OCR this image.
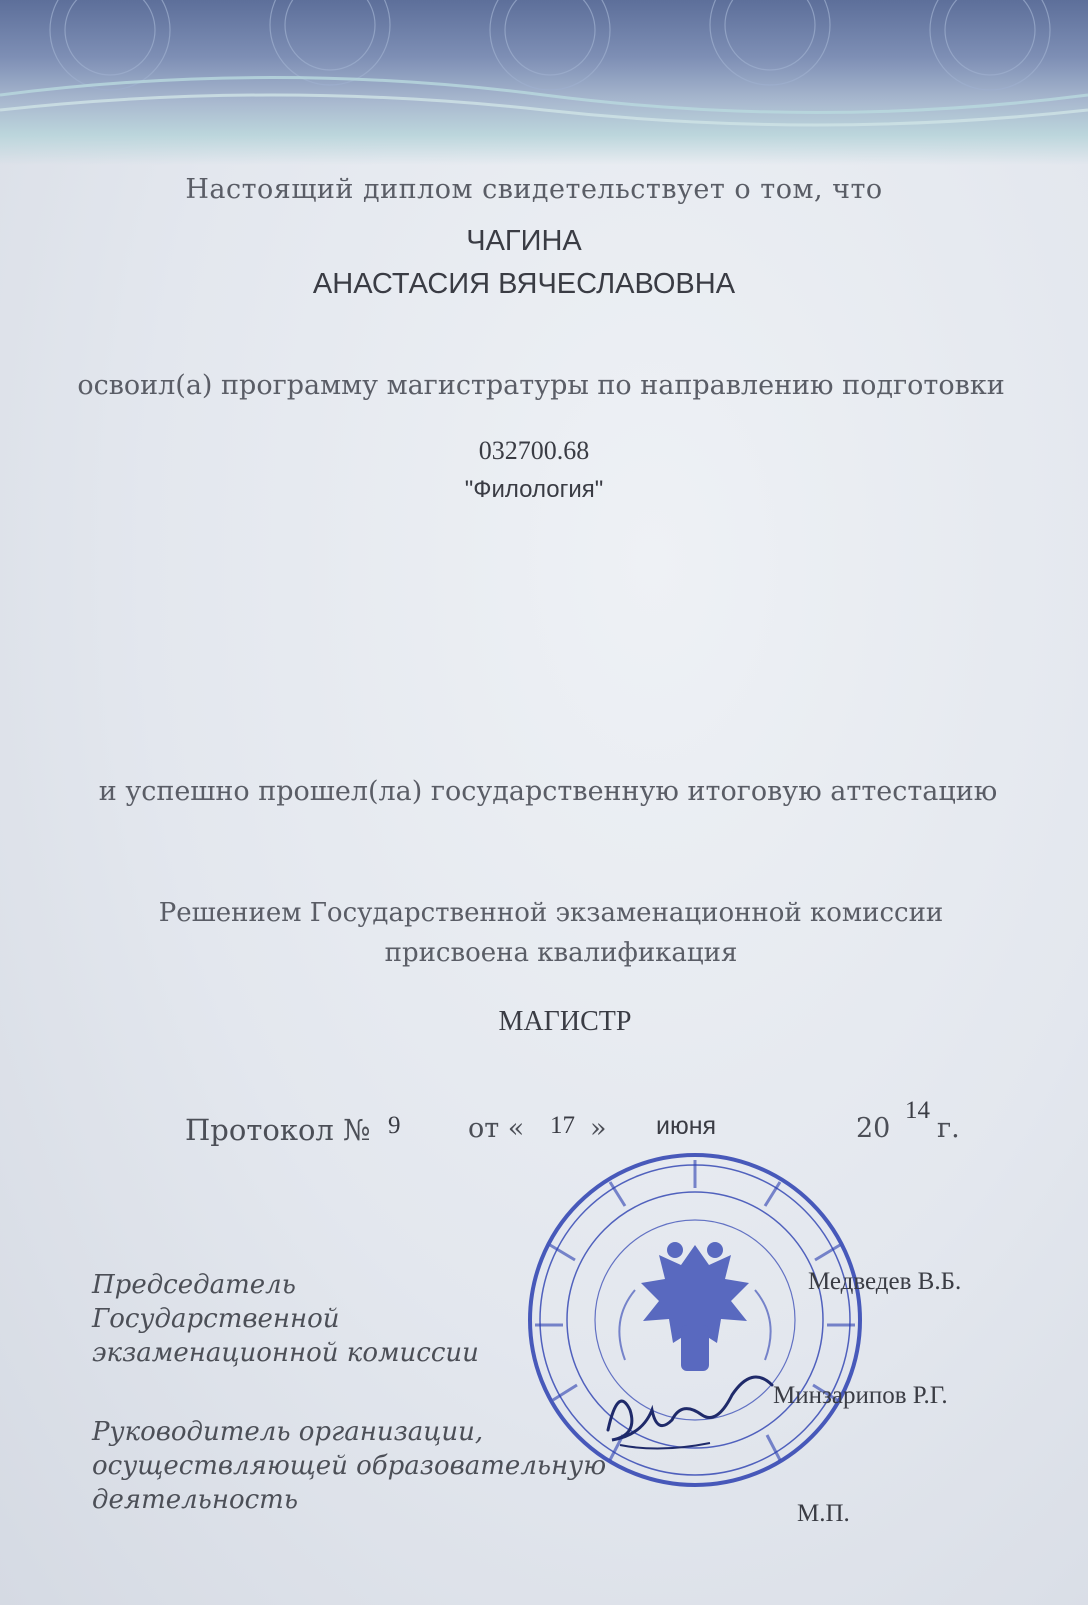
Настоящий диплом свидетельствует о том, что
ЧАГИНА
АНАСТАСИЯ ВЯЧЕСЛАВОВНА
освоил(а) программу магистратуры по направлению подготовки
032700.68
"Филология"
и успешно прошел(ла) государственную итоговую аттестацию
Решением Государственной экзаменационной комиссии
присвоена квалификация
МАГИСТР
Протокол № 9	от « 17 » июня	20
14
г.
Председатель
Государственной
экзаменационной комиссии
Медведев В.Б.
Руководитель организации,
осуществляющей образовательную
деятельность
Минзарипов Р.Г.
М.П.
